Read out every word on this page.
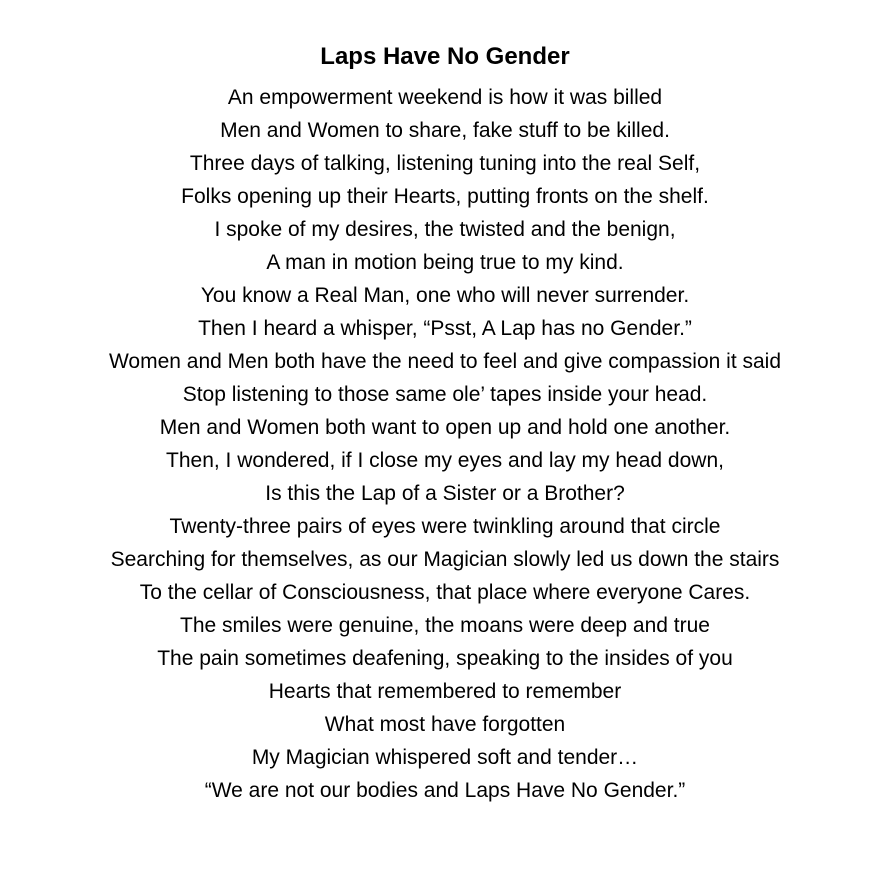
Laps Have No Gender
An empowerment weekend is how it was billed
Men and Women to share, fake stuff to be killed.
Three days of talking, listening tuning into the real Self,
Folks opening up their Hearts, putting fronts on the shelf.
I spoke of my desires, the twisted and the benign,
A man in motion being true to my kind.
You know a Real Man, one who will never surrender.
Then I heard a whisper, “Psst, A Lap has no Gender.”
Women and Men both have the need to feel and give compassion it said
Stop listening to those same ole’ tapes inside your head.
Men and Women both want to open up and hold one another.
Then, I wondered, if I close my eyes and lay my head down,
Is this the Lap of a Sister or a Brother?
Twenty-three pairs of eyes were twinkling around that circle
Searching for themselves, as our Magician slowly led us down the stairs
To the cellar of Consciousness, that place where everyone Cares.
The smiles were genuine, the moans were deep and true
The pain sometimes deafening, speaking to the insides of you
Hearts that remembered to remember
What most have forgotten
My Magician whispered soft and tender…
“We are not our bodies and Laps Have No Gender.”
